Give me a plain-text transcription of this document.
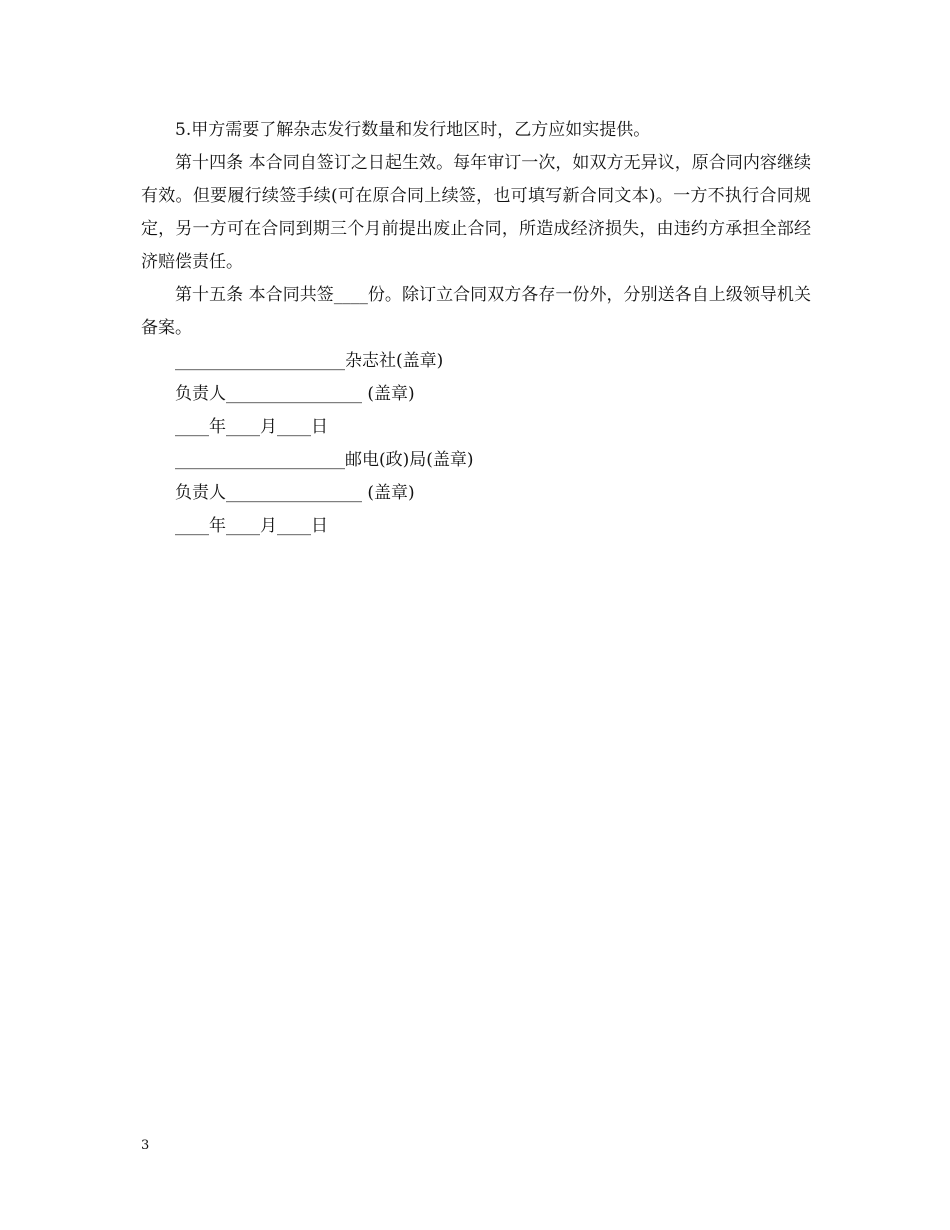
5.甲方需要了解杂志发行数量和发行地区时，乙方应如实提供。

第十四条 本合同自签订之日起生效。每年审订一次，如双方无异议，原合同内容继续有效。但要履行续签手续(可在原合同上续签，也可填写新合同文本)。一方不执行合同规定，另一方可在合同到期三个月前提出废止合同，所造成经济损失，由违约方承担全部经济赔偿责任。

第十五条 本合同共签____份。除订立合同双方各存一份外，分别送各自上级领导机关备案。

____________________杂志社(盖章)
负责人________________ (盖章)
____年____月____日
____________________邮电(政)局(盖章)
负责人________________ (盖章)
____年____月____日
3
